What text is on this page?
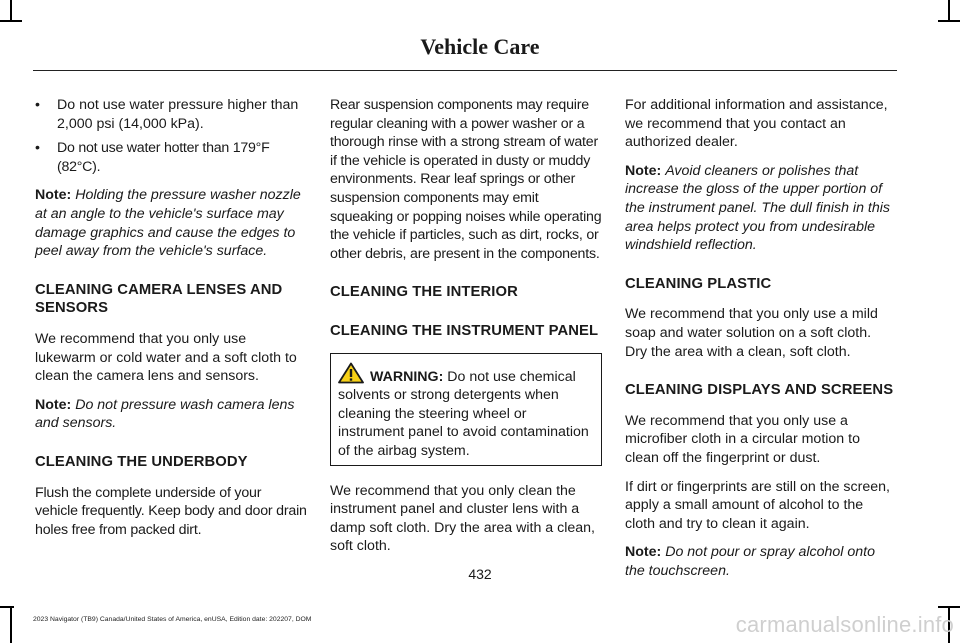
Vehicle Care
• Do not use water pressure higher than 2,000 psi (14,000 kPa).
• Do not use water hotter than 179°F (82°C).

Note: Holding the pressure washer nozzle at an angle to the vehicle's surface may damage graphics and cause the edges to peel away from the vehicle's surface.

CLEANING CAMERA LENSES AND SENSORS

We recommend that you only use lukewarm or cold water and a soft cloth to clean the camera lens and sensors.

Note: Do not pressure wash camera lens and sensors.

CLEANING THE UNDERBODY

Flush the complete underside of your vehicle frequently. Keep body and door drain holes free from packed dirt.

Rear suspension components may require regular cleaning with a power washer or a thorough rinse with a strong stream of water if the vehicle is operated in dusty or muddy environments. Rear leaf springs or other suspension components may emit squeaking or popping noises while operating the vehicle if particles, such as dirt, rocks, or other debris, are present in the components.

CLEANING THE INTERIOR
CLEANING THE INSTRUMENT PANEL
WARNING: Do not use chemical solvents or strong detergents when cleaning the steering wheel or instrument panel to avoid contamination of the airbag system.

We recommend that you only clean the instrument panel and cluster lens with a damp soft cloth. Dry the area with a clean, soft cloth.

For additional information and assistance, we recommend that you contact an authorized dealer.

Note: Avoid cleaners or polishes that increase the gloss of the upper portion of the instrument panel. The dull finish in this area helps protect you from undesirable windshield reflection.

CLEANING PLASTIC

We recommend that you only use a mild soap and water solution on a soft cloth. Dry the area with a clean, soft cloth.

CLEANING DISPLAYS AND SCREENS

We recommend that you only use a microfiber cloth in a circular motion to clean off the fingerprint or dust.

If dirt or fingerprints are still on the screen, apply a small amount of alcohol to the cloth and try to clean it again.

Note: Do not pour or spray alcohol onto the touchscreen.

432
2023 Navigator (TB9) Canada/United States of America, enUSA, Edition date: 202207, DOM	carmanualsonline.info
